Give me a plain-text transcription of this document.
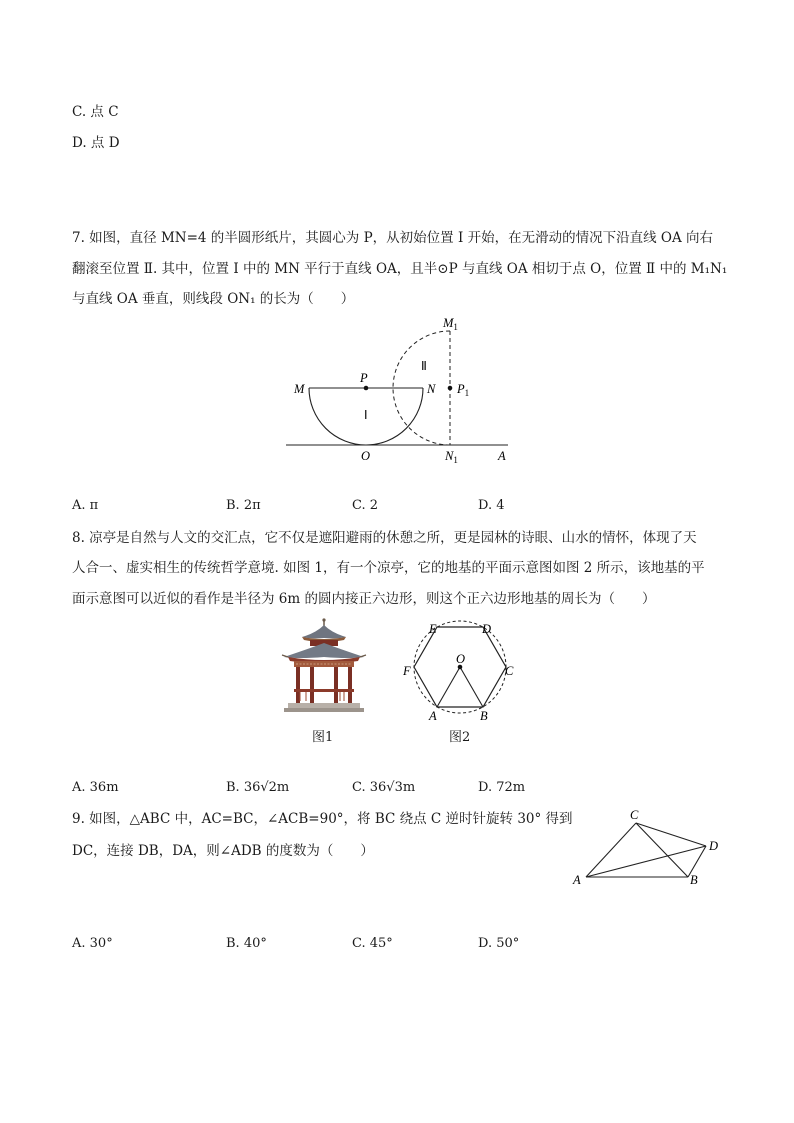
C. 点 C
D. 点 D
7. 如图，直径 MN=4 的半圆形纸片，其圆心为 P，从初始位置 Ⅰ 开始，在无滑动的情况下沿直线 OA 向右
翻滚至位置 Ⅱ. 其中，位置 Ⅰ 中的 MN 平行于直线 OA，且半⊙P 与直线 OA 相切于点 O，位置 Ⅱ 中的 M₁N₁
与直线 OA 垂直，则线段 ON₁ 的长为（　　）
M
P
N
Ⅰ
Ⅱ
$M_1$
$P_1$
O	$N_1$	A
A. π	B. 2π	C. 2	D. 4
8. 凉亭是自然与人文的交汇点，它不仅是遮阳避雨的休憩之所，更是园林的诗眼、山水的情怀，体现了天
人合一、虚实相生的传统哲学意境. 如图 1，有一个凉亭，它的地基的平面示意图如图 2 所示，该地基的平
面示意图可以近似的看作是半径为 6m 的圆内接正六边形，则这个正六边形地基的周长为（　　）
E	D
O
F	C
A	B
图1	图2
A. 36m	B. 36√2m	C. 36√3m	D. 72m
9. 如图，△ABC 中，AC=BC，∠ACB=90°，将 BC 绕点 C 逆时针旋转 30° 得到
DC，连接 DB，DA，则∠ADB 的度数为（　　）
C
D
A	B
A. 30°	B. 40°	C. 45°	D. 50°
